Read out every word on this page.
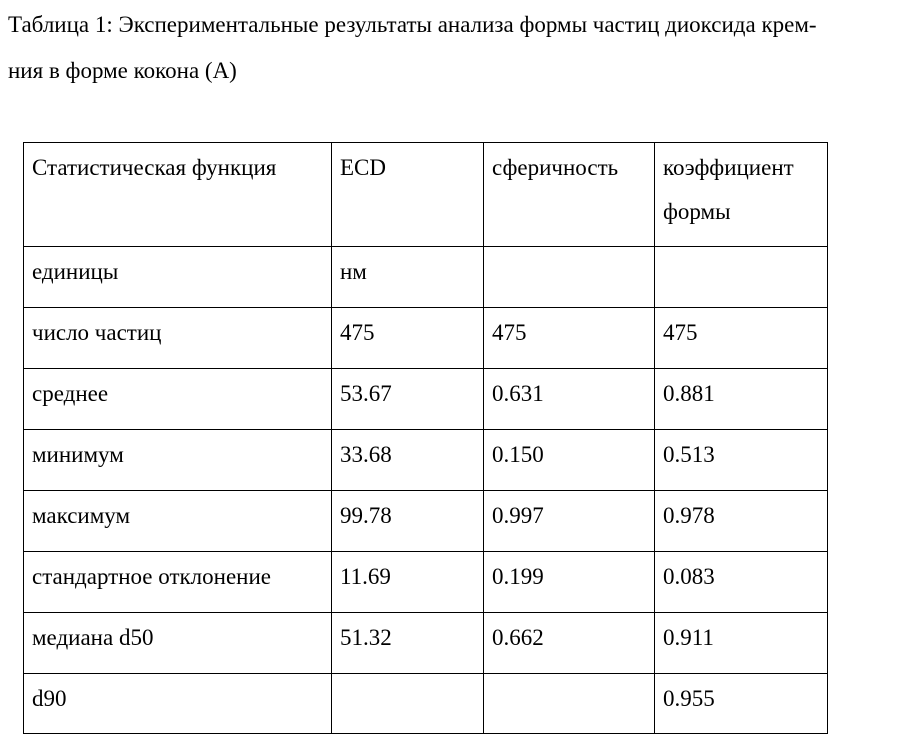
Таблица 1: Экспериментальные результаты анализа формы частиц диоксида крем-
ния в форме кокона (А)
Статистическая функция	ECD	сферичность	коэффициент формы

единицы	нм		

число частиц	475	475	475

среднее	53.67	0.631	0.881

минимум	33.68	0.150	0.513

максимум	99.78	0.997	0.978

стандартное отклонение	11.69	0.199	0.083

медиана d50	51.32	0.662	0.911

d90			0.955
